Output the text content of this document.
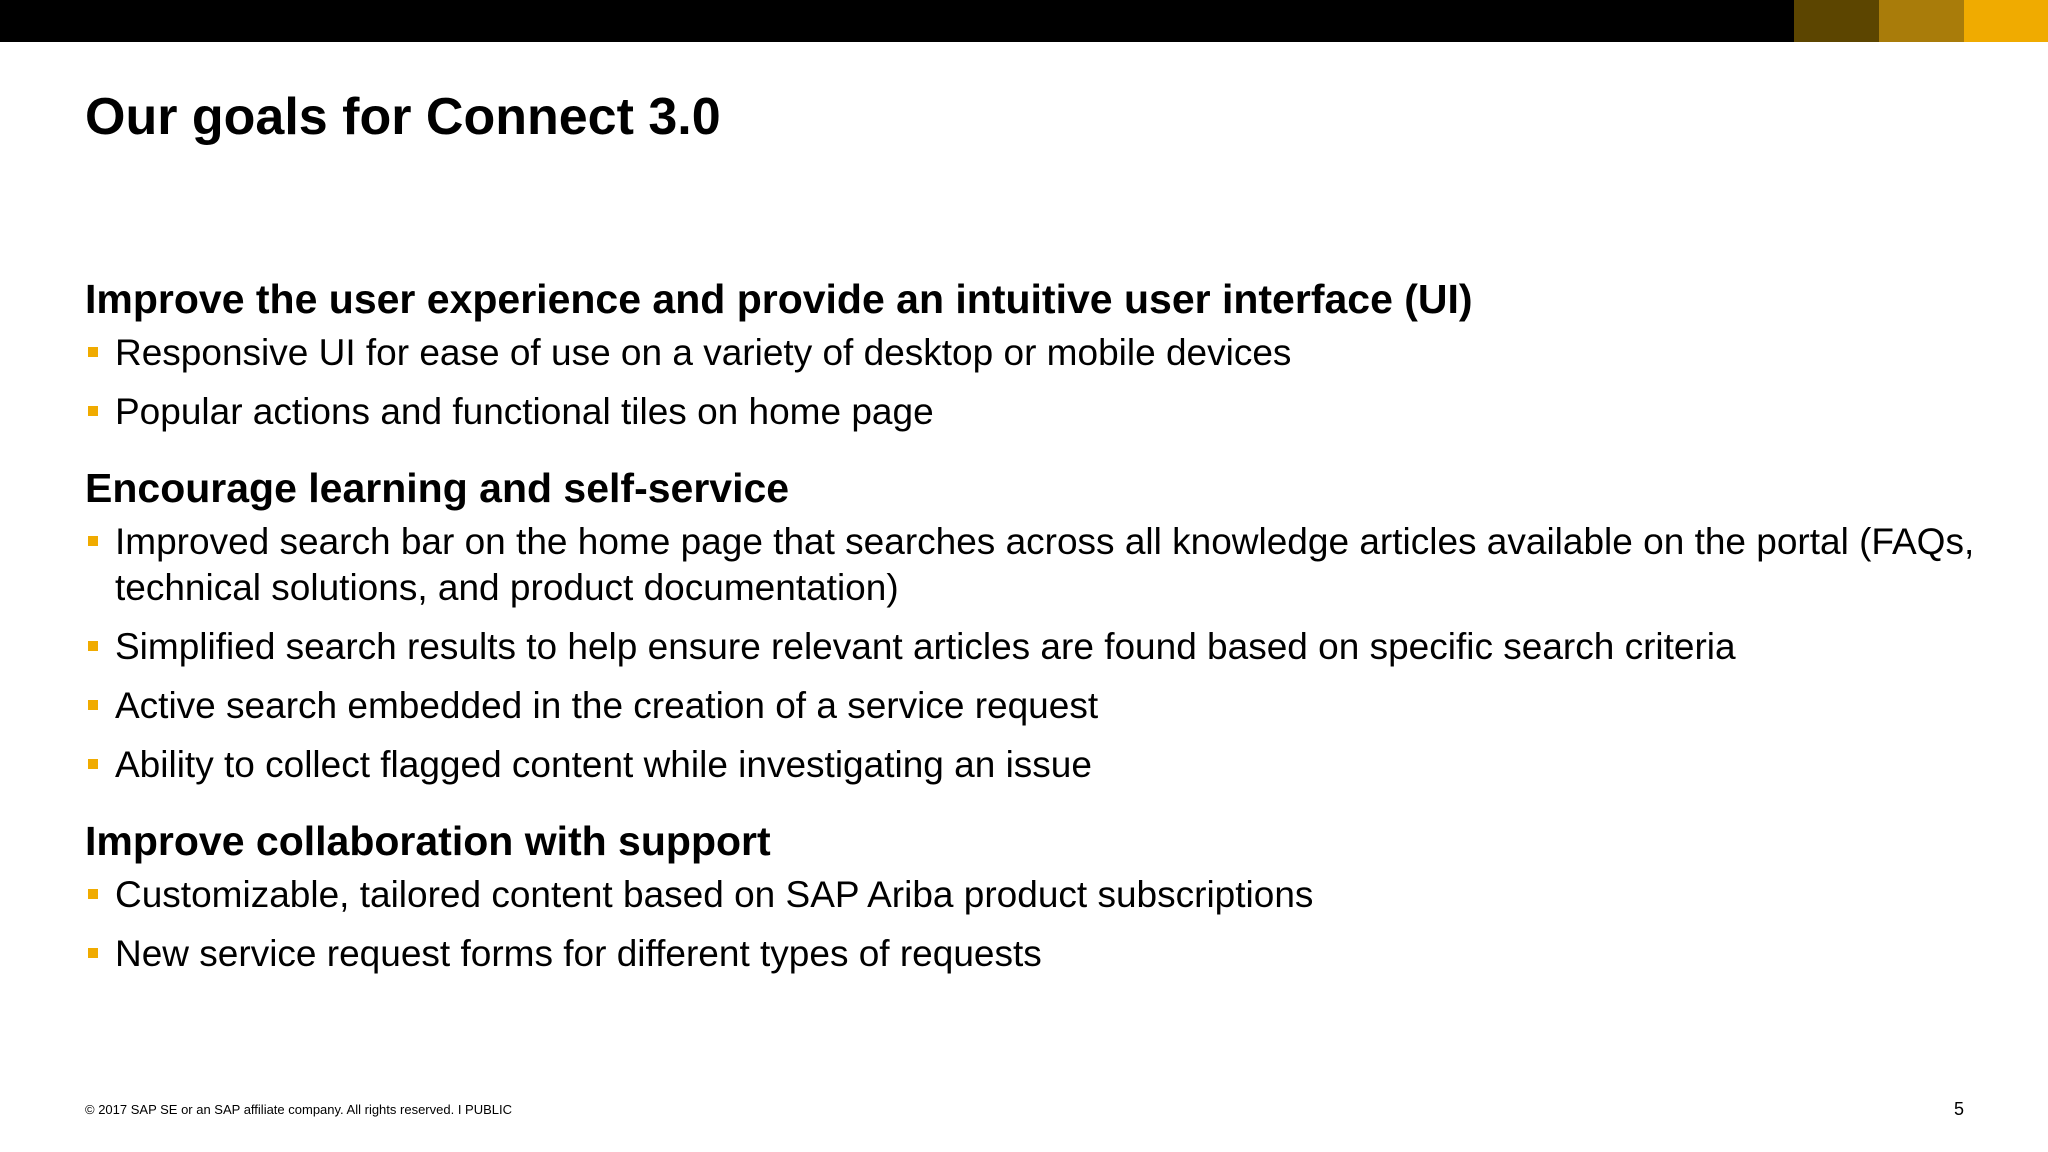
Our goals for Connect 3.0
Improve the user experience and provide an intuitive user interface (UI)
Responsive UI for ease of use on a variety of desktop or mobile devices
Popular actions and functional tiles on home page
Encourage learning and self-service
Improved search bar on the home page that searches across all knowledge articles available on the portal (FAQs, technical solutions, and product documentation)
Simplified search results to help ensure relevant articles are found based on specific search criteria
Active search embedded in the creation of a service request
Ability to collect flagged content while investigating an issue
Improve collaboration with support
Customizable, tailored content based on SAP Ariba product subscriptions
New service request forms for different types of requests
© 2017 SAP SE or an SAP affiliate company. All rights reserved. I PUBLIC	5
